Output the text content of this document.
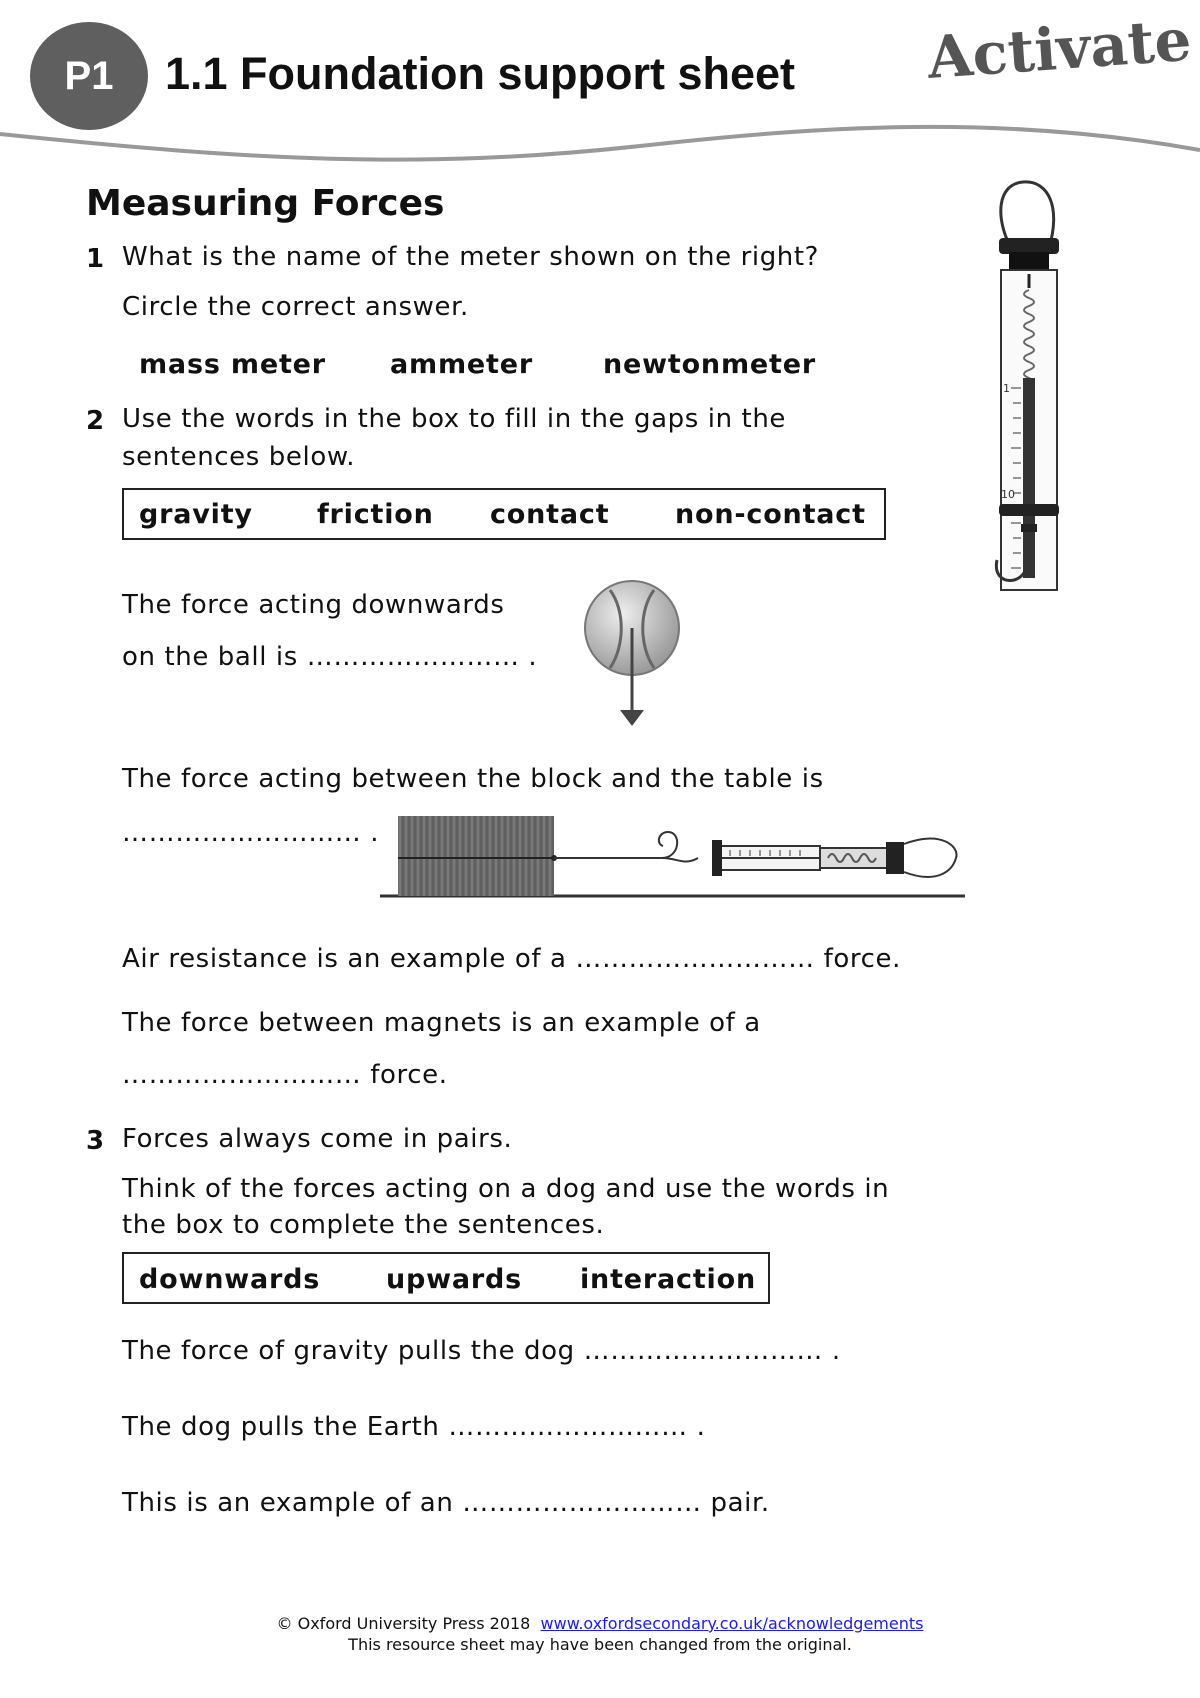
P1	1.1 Foundation support sheet Activate
Measuring Forces
1 What is the name of the meter shown on the right?
Circle the correct answer.
mass meter ammeter	newtonmeter
2 Use the words in the box to fill in the gaps in the
sentences below.
gravity friction contact non-contact
The force acting downwards
on the ball is …………………… .
The force acting between the block and the table is
……………………… .
Air resistance is an example of a ……………………… force.
The force between magnets is an example of a
……………………… force.
3 Forces always come in pairs.
Think of the forces acting on a dog and use the words in
the box to complete the sentences.
downwards upwards interaction
The force of gravity pulls the dog ……………………… .
The dog pulls the Earth ……………………… .
This is an example of an ……………………… pair.
1
10
© Oxford University Press 2018 www.oxfordsecondary.co.uk/acknowledgements
This resource sheet may have been changed from the original.
